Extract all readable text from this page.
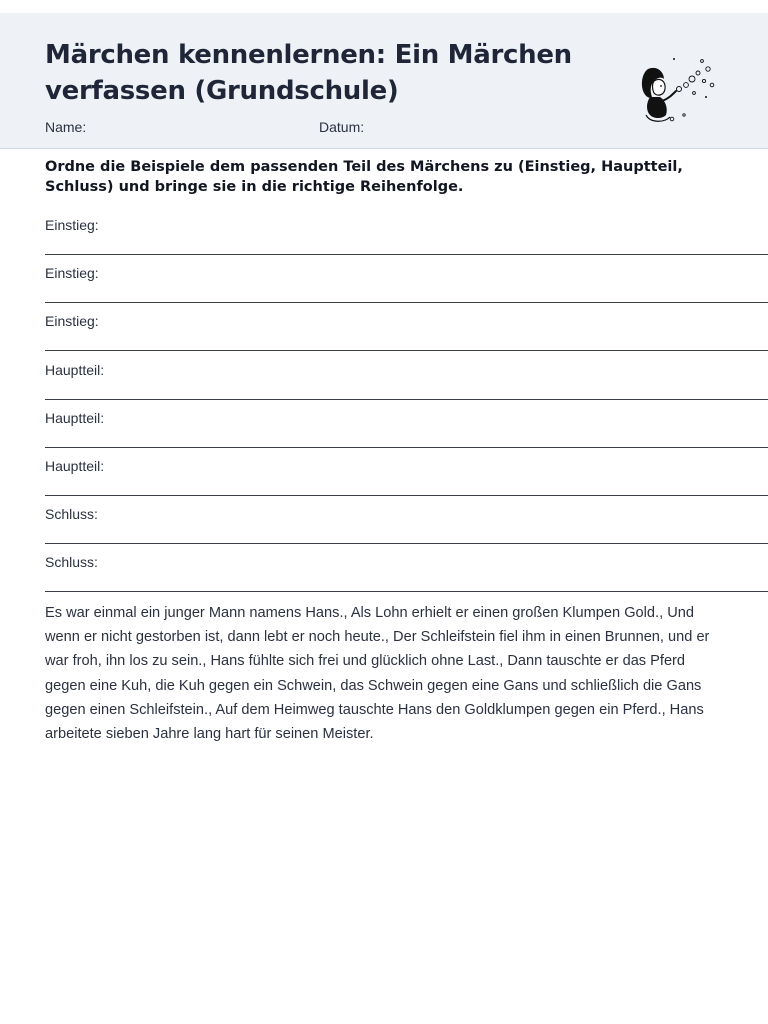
Märchen kennenlernen: Ein Märchen verfassen (Grundschule)
Name:	Datum:

Ordne die Beispiele dem passenden Teil des Märchens zu (Einstieg, Hauptteil, Schluss) und bringe sie in die richtige Reihenfolge.

Einstieg:
Einstieg:
Einstieg:
Hauptteil:
Hauptteil:
Hauptteil:
Schluss:
Schluss:

Es war einmal ein junger Mann namens Hans., Als Lohn erhielt er einen großen Klumpen Gold., Und wenn er nicht gestorben ist, dann lebt er noch heute., Der Schleifstein fiel ihm in einen Brunnen, und er war froh, ihn los zu sein., Hans fühlte sich frei und glücklich ohne Last., Dann tauschte er das Pferd gegen eine Kuh, die Kuh gegen ein Schwein, das Schwein gegen eine Gans und schließlich die Gans gegen einen Schleifstein., Auf dem Heimweg tauschte Hans den Goldklumpen gegen ein Pferd., Hans arbeitete sieben Jahre lang hart für seinen Meister.
